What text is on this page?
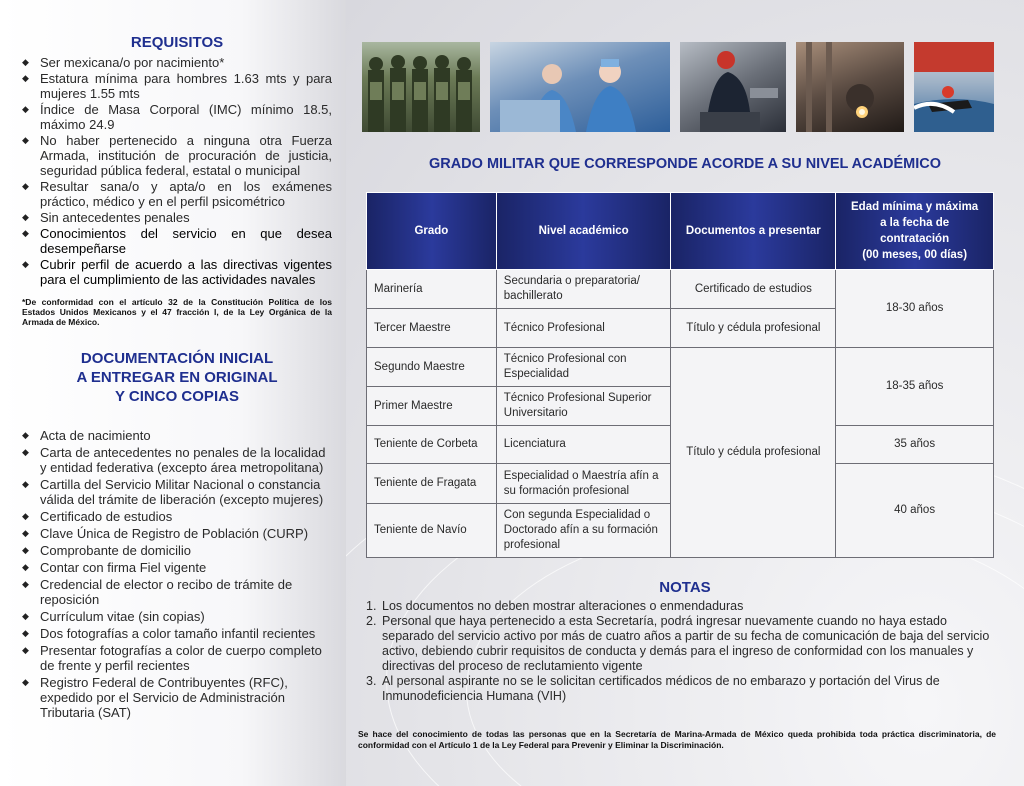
REQUISITOS
◆ Ser mexicana/o por nacimiento*
◆ Estatura mínima para hombres 1.63 mts y para mujeres 1.55 mts
◆ Índice de Masa Corporal (IMC) mínimo 18.5, máximo 24.9
◆ No haber pertenecido a ninguna otra Fuerza Armada, institución de procuración de justicia, seguridad pública federal, estatal o municipal
◆ Resultar sana/o y apta/o en los exámenes práctico, médico y en el perfil psicométrico
◆ Sin antecedentes penales
◆ Conocimientos del servicio en que desea desempeñarse
◆ Cubrir perfil de acuerdo a las directivas vigentes para el cumplimiento de las actividades navales

*De conformidad con el artículo 32 de la Constitución Política de los Estados Unidos Mexicanos y el 47 fracción I, de la Ley Orgánica de la Armada de México.

DOCUMENTACIÓN INICIAL
A ENTREGAR EN ORIGINAL
Y CINCO COPIAS
◆ Acta de nacimiento
◆ Carta de antecedentes no penales de la localidad y entidad federativa (excepto área metropolitana)
◆ Cartilla del Servicio Militar Nacional o constancia válida del trámite de liberación (excepto mujeres)
◆ Certificado de estudios
◆ Clave Única de Registro de Población (CURP)
◆ Comprobante de domicilio
◆ Contar con firma Fiel vigente
◆ Credencial de elector o recibo de trámite de reposición
◆ Currículum vitae (sin copias)
◆ Dos fotografías a color tamaño infantil recientes
◆ Presentar fotografías a color de cuerpo completo de frente y perfil recientes
◆ Registro Federal de Contribuyentes (RFC), expedido por el Servicio de Administración Tributaria (SAT)
GRADO MILITAR QUE CORRESPONDE ACORDE A SU NIVEL ACADÉMICO
Grado	Nivel académico	Documentos a presentar	Edad mínima y máxima
a la fecha de
contratación
(00 meses, 00 días)
Marinería	Secundaria o preparatoria/ bachillerato	Certificado de estudios	18-30 años
Tercer Maestre	Técnico Profesional	Título y cédula profesional	
Segundo Maestre	Técnico Profesional con Especialidad	Título y cédula profesional	18-35 años
Primer Maestre	Técnico Profesional Superior Universitario		
Teniente de Corbeta	Licenciatura		35 años
Teniente de Fragata	Especialidad o Maestría afín a su formación profesional		40 años
Teniente de Navío	Con segunda Especialidad o Doctorado afín a su formación profesional		
NOTAS
1. Los documentos no deben mostrar alteraciones o enmendaduras
2. Personal que haya pertenecido a esta Secretaría, podrá ingresar nuevamente cuando no haya estado separado del servicio activo por más de cuatro años a partir de su fecha de comunicación de baja del servicio activo, debiendo cubrir requisitos de conducta y demás para el ingreso de conformidad con los manuales y directivas del proceso de reclutamiento vigente
3. Al personal aspirante no se le solicitan certificados médicos de no embarazo y portación del Virus de Inmunodeficiencia Humana (VIH)

Se hace del conocimiento de todas las personas que en la Secretaría de Marina-Armada de México queda prohibida toda práctica discriminatoria, de conformidad con el Artículo 1 de la Ley Federal para Prevenir y Eliminar la Discriminación.
